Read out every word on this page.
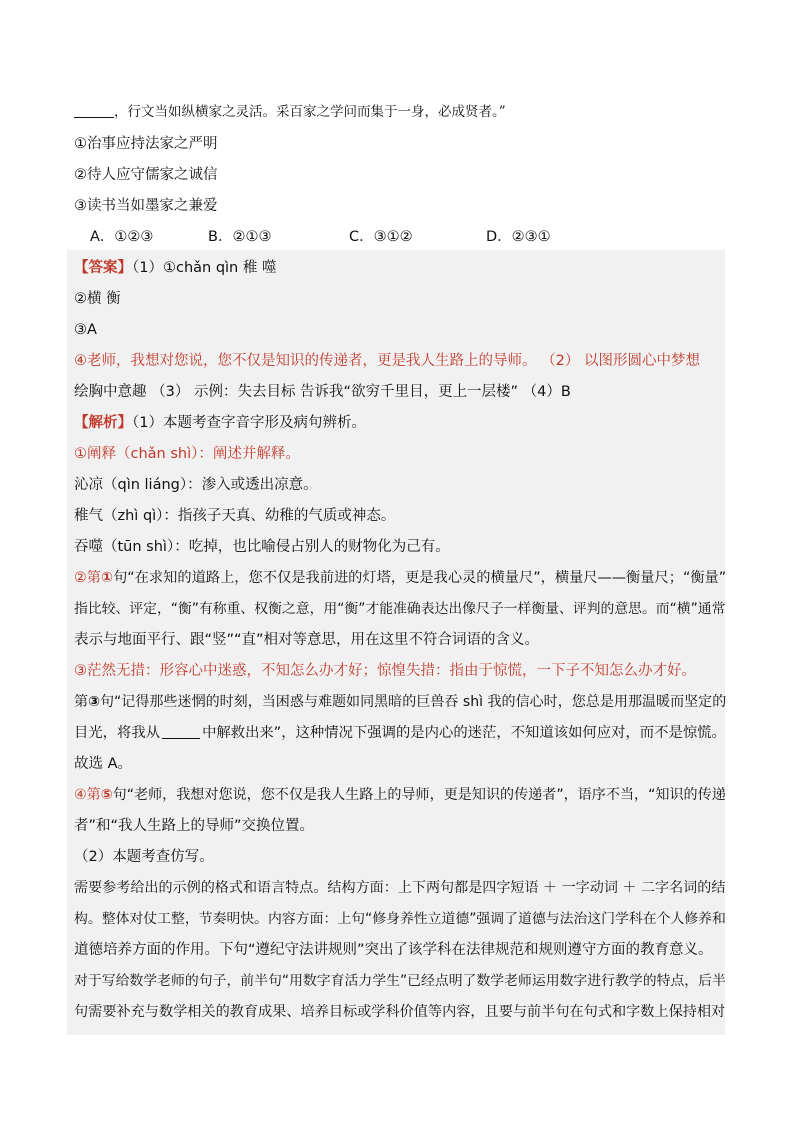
，行文当如纵横家之灵活。采百家之学问而集于一身，必成贤者。”
①治事应持法家之严明
②待人应守儒家之诚信
③读书当如墨家之兼爱
A．①②③	B．②①③	C．③①②	D．②③①
【答案】（1）①chǎn qìn 稚 噬
②横 衡
③A
④老师，我想对您说，您不仅是知识的传递者，更是我人生路上的导师。 （2） 以图形圆心中梦想
绘胸中意趣 （3） 示例：失去目标 告诉我“欲穷千里目，更上一层楼” （4）B
【解析】（1）本题考查字音字形及病句辨析。
①阐释（chǎn shì）：阐述并解释。
沁凉（qìn liáng）：渗入或透出凉意。
稚气（zhì qì）：指孩子天真、幼稚的气质或神态。
吞噬（tūn shì）：吃掉，也比喻侵占别人的财物化为己有。
②第①句“在求知的道路上，您不仅是我前进的灯塔，更是我心灵的横量尺”，横量尺——衡量尺；“衡量”
指比较、评定，“衡”有称重、权衡之意，用“衡”才能准确表达出像尺子一样衡量、评判的意思。而“横”通常
表示与地面平行、跟“竖”“直”相对等意思，用在这里不符合词语的含义。
③茫然无措：形容心中迷惑，不知怎么办才好；惊惶失措：指由于惊慌，一下子不知怎么办才好。
第③句“记得那些迷惘的时刻，当困惑与难题如同黑暗的巨兽吞 shì 我的信心时，您总是用那温暖而坚定的
目光，将我从	中解救出来”，这种情况下强调的是内心的迷茫，不知道该如何应对，而不是惊慌。
故选 A。
④第⑤句“老师，我想对您说，您不仅是我人生路上的导师，更是知识的传递者”，语序不当，“知识的传递
者”和“我人生路上的导师”交换位置。
（2）本题考查仿写。
需要参考给出的示例的格式和语言特点。结构方面：上下两句都是四字短语 ＋ 一字动词 ＋ 二字名词的结
构。整体对仗工整，节奏明快。内容方面：上句“修身养性立道德”强调了道德与法治这门学科在个人修养和
道德培养方面的作用。下句“遵纪守法讲规则”突出了该学科在法律规范和规则遵守方面的教育意义。
对于写给数学老师的句子，前半句“用数字育活力学生”已经点明了数学老师运用数字进行教学的特点，后半
句需要补充与数学相关的教育成果、培养目标或学科价值等内容，且要与前半句在句式和字数上保持相对
